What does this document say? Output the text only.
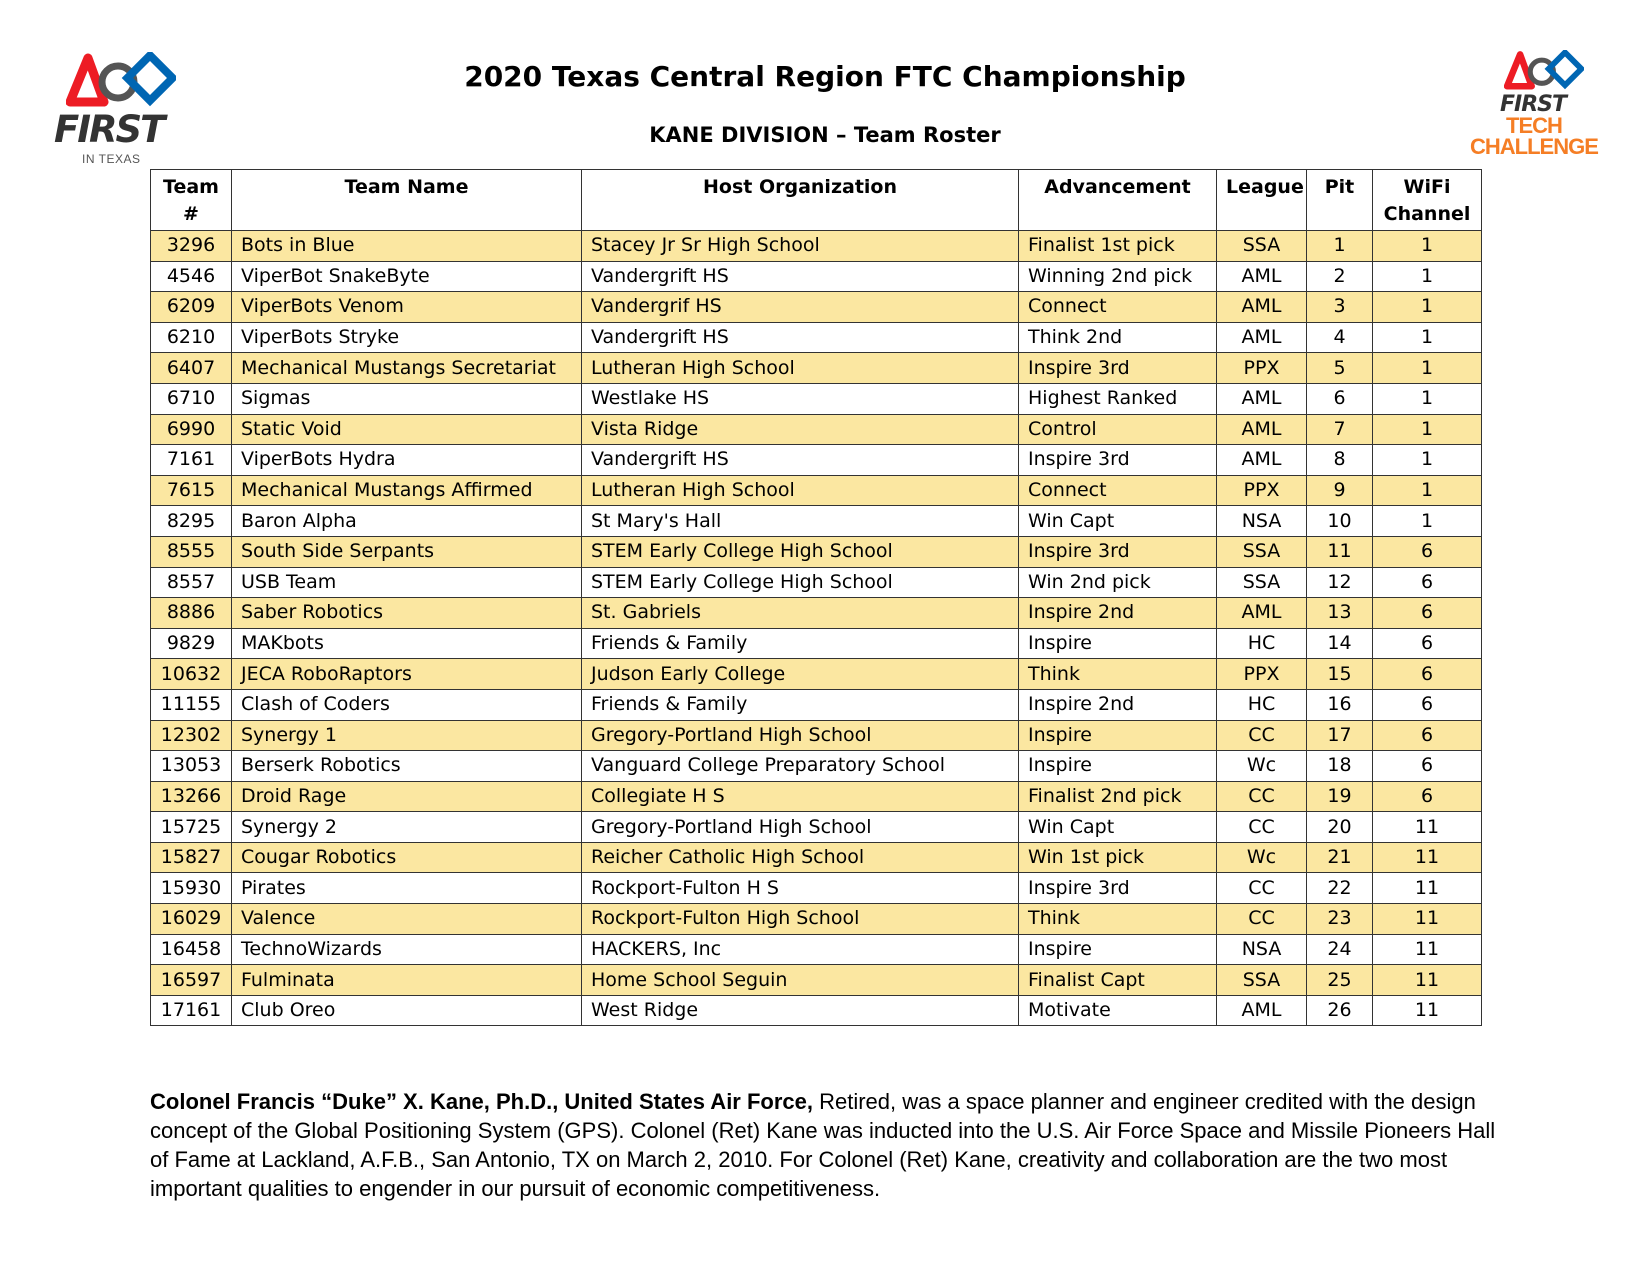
FIRST
IN TEXAS
FIRST
TECH
CHALLENGE
2020 Texas Central Region FTC Championship
KANE DIVISION – Team Roster
Team #	Team Name	Host Organization	Advancement	League	Pit	WiFi Channel
3296	Bots in Blue	Stacey Jr Sr High School	Finalist 1st pick	SSA	1	1
4546	ViperBot SnakeByte	Vandergrift HS	Winning 2nd pick	AML	2	1
6209	ViperBots Venom	Vandergrif HS	Connect	AML	3	1
6210	ViperBots Stryke	Vandergrift HS	Think 2nd	AML	4	1
6407	Mechanical Mustangs Secretariat	Lutheran High School	Inspire 3rd	PPX	5	1
6710	Sigmas	Westlake HS	Highest Ranked	AML	6	1
6990	Static Void	Vista Ridge	Control	AML	7	1
7161	ViperBots Hydra	Vandergrift HS	Inspire 3rd	AML	8	1
7615	Mechanical Mustangs Affirmed	Lutheran High School	Connect	PPX	9	1
8295	Baron Alpha	St Mary's Hall	Win Capt	NSA	10	1
8555	South Side Serpants	STEM Early College High School	Inspire 3rd	SSA	11	6
8557	USB Team	STEM Early College High School	Win 2nd pick	SSA	12	6
8886	Saber Robotics	St. Gabriels	Inspire 2nd	AML	13	6
9829	MAKbots	Friends & Family	Inspire	HC	14	6
10632	JECA RoboRaptors	Judson Early College	Think	PPX	15	6
11155	Clash of Coders	Friends & Family	Inspire 2nd	HC	16	6
12302	Synergy 1	Gregory-Portland High School	Inspire	CC	17	6
13053	Berserk Robotics	Vanguard College Preparatory School	Inspire	Wc	18	6
13266	Droid Rage	Collegiate H S	Finalist 2nd pick	CC	19	6
15725	Synergy 2	Gregory-Portland High School	Win Capt	CC	20	11
15827	Cougar Robotics	Reicher Catholic High School	Win 1st pick	Wc	21	11
15930	Pirates	Rockport-Fulton H S	Inspire 3rd	CC	22	11
16029	Valence	Rockport-Fulton High School	Think	CC	23	11
16458	TechnoWizards	HACKERS, Inc	Inspire	NSA	24	11
16597	Fulminata	Home School Seguin	Finalist Capt	SSA	25	11
17161	Club Oreo	West Ridge	Motivate	AML	26	11
Colonel Francis “Duke” X. Kane, Ph.D., United States Air Force, Retired, was a space planner and engineer credited with the design concept of the Global Positioning System (GPS). Colonel (Ret) Kane was inducted into the U.S. Air Force Space and Missile Pioneers Hall of Fame at Lackland, A.F.B., San Antonio, TX on March 2, 2010. For Colonel (Ret) Kane, creativity and collaboration are the two most important qualities to engender in our pursuit of economic competitiveness.
